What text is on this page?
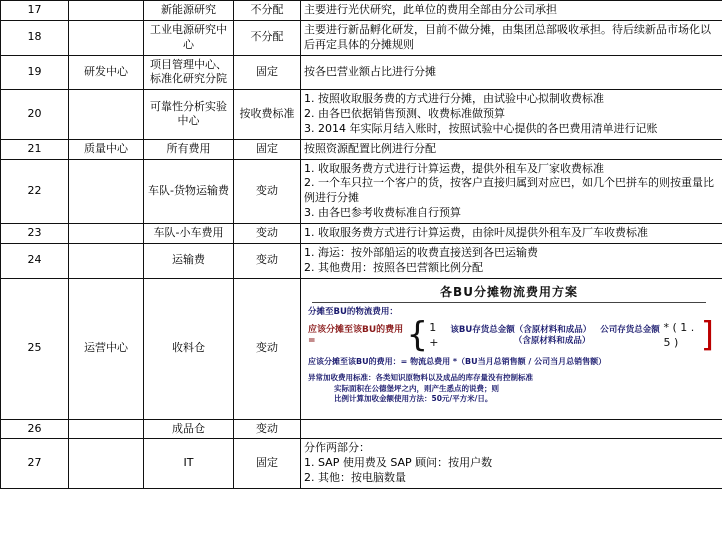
17		新能源研究	不分配	主要进行光伏研究，此单位的费用全部由分公司承担

18		工业电源研究中心	不分配	主要进行新品孵化研发，目前不做分摊，由集团总部吸收承担。待后续新品市场化以后再定具体的分摊规则

19	研发中心	项目管理中心、标准化研究分院	固定	按各巴营业额占比进行分摊

20		可靠性分析实验中心	按收费标准	1. 按照收取服务费的方式进行分摊，由试验中心拟制收费标准
2. 由各巴依据销售预测、收费标准做预算
3. 2014 年实际月结入账时，按照试验中心提供的各巴费用清单进行记账

21	质量中心	所有费用	固定	按照资源配置比例进行分配

22		车队-货物运输费	变动	1. 收取服务费方式进行计算运费，提供外租车及厂家收费标准
2. 一个车只拉一个客户的货，按客户直接归属到对应巴，如几个巴拼车的则按重量比例进行分摊
3. 由各巴参考收费标准自行预算

23		车队-小车费用	变动	1. 收取服务费方式进行计算运费，由徐叶凤提供外租车及厂车收费标准

24		运输费	变动	1. 海运：按外部船运的收费直接送到各巴运输费
2. 其他费用：按照各巴营额比例分配

25	运营中心	收料仓	变动	
各BU分摊物流费用方案
分摊至BU的物流费用：
应该分摊至该BU的费用 =	{ 1 +
该BU存货总金额（含原材料和成品） 公司存货总金额（含原材料和成品）
* ( 1 . 5 ) ]
应该分摊至该BU的费用：= 物流总费用 *（BU当月总销售额 / 公司当月总销售额）
异常加收费用标准：各类知识原物料以及成品的库存量没有控制标准
实际面积在公德堡坪之内，则产生悉点的说费；则
比例计算加收金额使用方法：50元/平方米/日。

26		成品仓	变动	
27		IT	固定	分作两部分：
1. SAP 使用费及 SAP 顾问：按用户数
2. 其他：按电脑数量
